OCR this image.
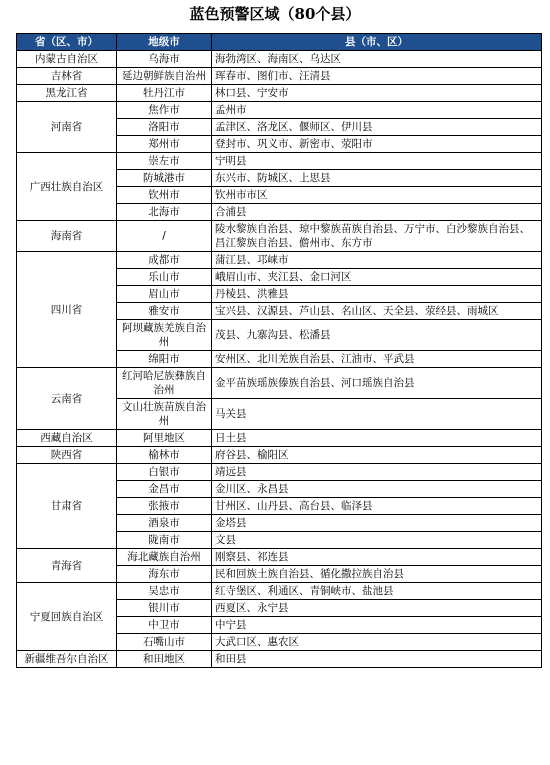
蓝色预警区域（80个县）
省（区、市）	地级市	县（市、区）
内蒙古自治区	乌海市	海勃湾区、海南区、乌达区
吉林省	延边朝鲜族自治州	珲春市、图们市、汪清县
黑龙江省	牡丹江市	林口县、宁安市
河南省	焦作市	孟州市
	洛阳市	孟津区、洛龙区、偃师区、伊川县
	郑州市	登封市、巩义市、新密市、荥阳市
广西壮族自治区	崇左市	宁明县
	防城港市	东兴市、防城区、上思县
	钦州市	钦州市市区
	北海市	合浦县
海南省	/	陵水黎族自治县、琼中黎族苗族自治县、万宁市、白沙黎族自治县、昌江黎族自治县、儋州市、东方市
四川省	成都市	蒲江县、邛崃市
	乐山市	峨眉山市、夹江县、金口河区
	眉山市	丹棱县、洪雅县
	雅安市	宝兴县、汉源县、芦山县、名山区、天全县、荥经县、雨城区
	阿坝藏族羌族自治州	茂县、九寨沟县、松潘县
	绵阳市	安州区、北川羌族自治县、江油市、平武县
云南省	红河哈尼族彝族自治州	金平苗族瑶族傣族自治县、河口瑶族自治县
	文山壮族苗族自治州	马关县
西藏自治区	阿里地区	日土县
陕西省	榆林市	府谷县、榆阳区
甘肃省	白银市	靖远县
	金昌市	金川区、永昌县
	张掖市	甘州区、山丹县、高台县、临泽县
	酒泉市	金塔县
	陇南市	文县
青海省	海北藏族自治州	刚察县、祁连县
	海东市	民和回族土族自治县、循化撒拉族自治县
宁夏回族自治区	吴忠市	红寺堡区、利通区、青铜峡市、盐池县
	银川市	西夏区、永宁县
	中卫市	中宁县
	石嘴山市	大武口区、惠农区
新疆维吾尔自治区	和田地区	和田县
